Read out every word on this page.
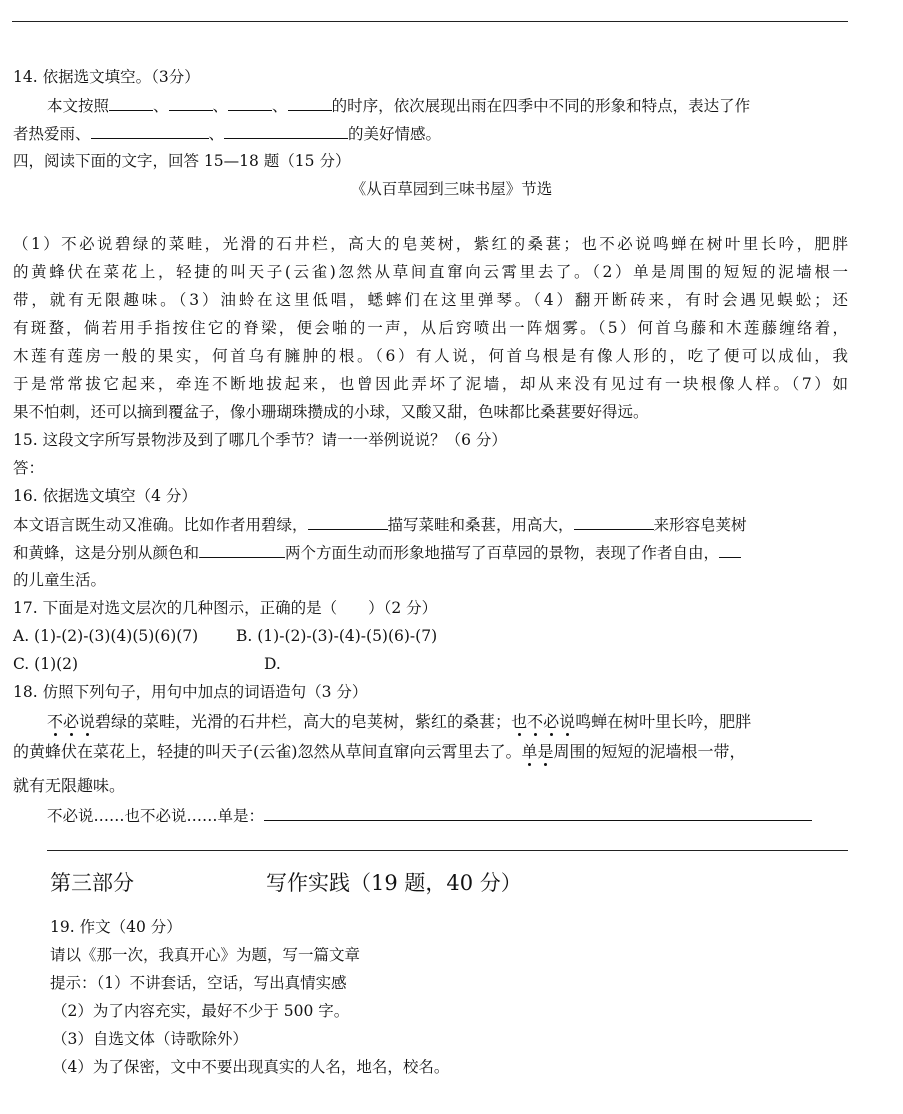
14. 依据选文填空。（3分）
本文按照	、	、	、	的时序，依次展现出雨在四季中不同的形象和特点，表达了作
者热爱雨、	、	的美好情感。
四，阅读下面的文字，回答 15—18 题（15 分）
《从百草园到三味书屋》节选
（1）不必说碧绿的菜畦，光滑的石井栏，高大的皂荚树，紫红的桑葚；也不必说鸣蝉在树叶里长吟，肥胖
的黄蜂伏在菜花上，轻捷的叫天子(云雀)忽然从草间直窜向云霄里去了。（2）单是周围的短短的泥墙根一
带，就有无限趣味。（3）油蛉在这里低唱，蟋蟀们在这里弹琴。（4）翻开断砖来，有时会遇见蜈蚣；还
有斑蝥，倘若用手指按住它的脊梁，便会啪的一声，从后窍喷出一阵烟雾。（5）何首乌藤和木莲藤缠络着，
木莲有莲房一般的果实，何首乌有臃肿的根。（6）有人说，何首乌根是有像人形的，吃了便可以成仙，我
于是常常拔它起来，牵连不断地拔起来，也曾因此弄坏了泥墙，却从来没有见过有一块根像人样。（7）如
果不怕刺，还可以摘到覆盆子，像小珊瑚珠攒成的小球，又酸又甜，色味都比桑葚要好得远。
15. 这段文字所写景物涉及到了哪几个季节？请一一举例说说？（6 分）
答：
16. 依据选文填空（4 分）
本文语言既生动又准确。比如作者用碧绿，	描写菜畦和桑葚，用高大，	来形容皂荚树
和黄蜂，这是分别从颜色和	两个方面生动而形象地描写了百草园的景物，表现了作者自由，
的儿童生活。
17. 下面是对选文层次的几种图示，正确的是（　　）（2 分）
A. (1)-(2)-(3)(4)(5)(6)(7) B. (1)-(2)-(3)-(4)-(5)(6)-(7)
C. (1)(2)	D.
18. 仿照下列句子，用句中加点的词语造句（3 分）
不必说碧绿的菜畦，光滑的石井栏，高大的皂荚树，紫红的桑葚；也不必说鸣蝉在树叶里长吟，肥胖
的黄蜂伏在菜花上，轻捷的叫天子(云雀)忽然从草间直窜向云霄里去了。单是周围的短短的泥墙根一带，
就有无限趣味。
不必说……也不必说……单是：
第三部分	写作实践（19 题，40 分）
19. 作文（40 分）
请以《那一次，我真开心》为题，写一篇文章
提示：（1）不讲套话，空话，写出真情实感
（2）为了内容充实，最好不少于 500 字。
（3）自选文体（诗歌除外）
（4）为了保密，文中不要出现真实的人名，地名，校名。
